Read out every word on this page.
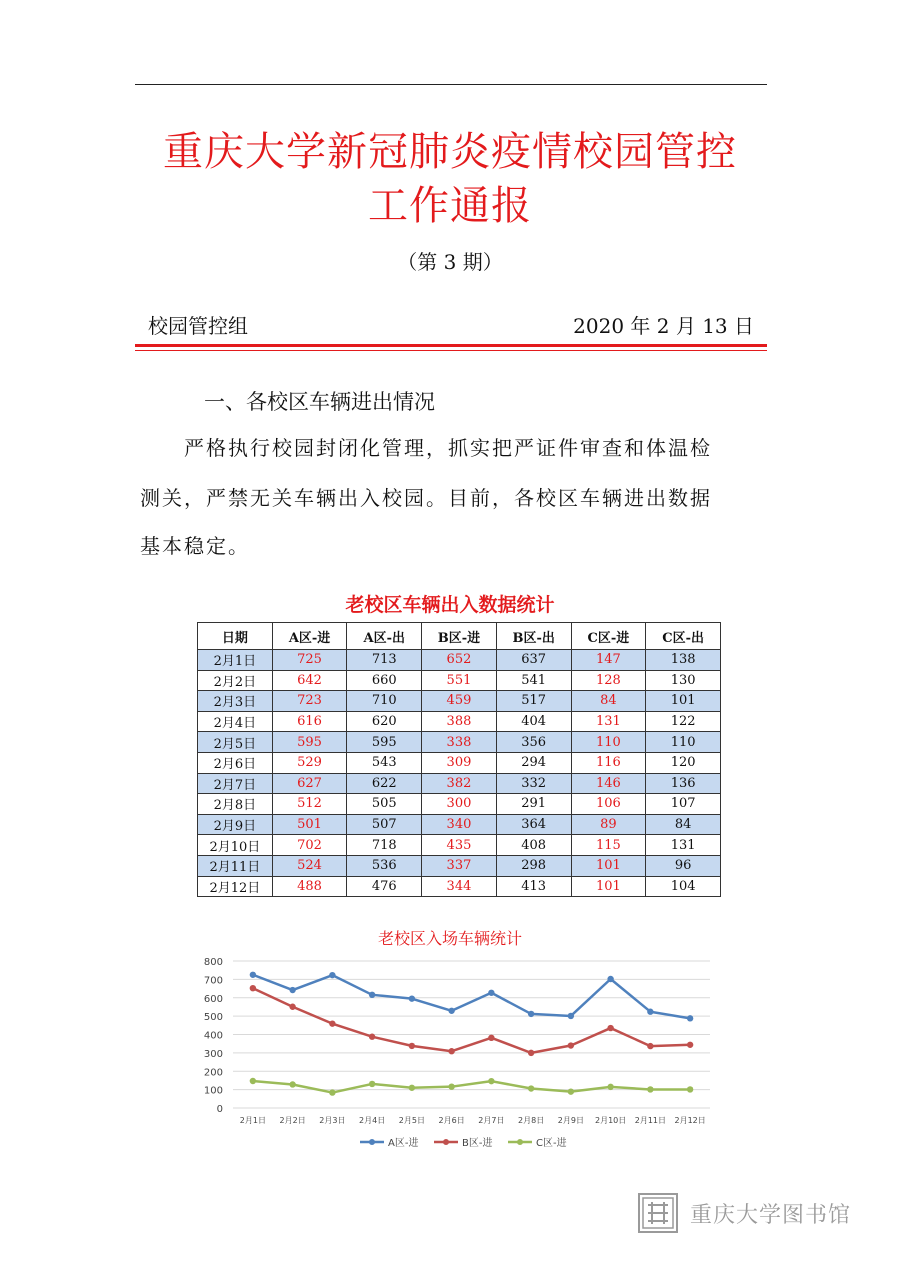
重庆大学新冠肺炎疫情校园管控
工作通报
（第 3 期）
校园管控组	2020 年 2 月 13 日
一、各校区车辆进出情况
严格执行校园封闭化管理，抓实把严证件审查和体温检
测关，严禁无关车辆出入校园。目前，各校区车辆进出数据
基本稳定。
老校区车辆出入数据统计
日期	A区-进	A区-出	B区-进	B区-出	C区-进	C区-出
2月1日	725	713	652	637	147	138
2月2日	642	660	551	541	128	130
2月3日	723	710	459	517	84	101
2月4日	616	620	388	404	131	122
2月5日	595	595	338	356	110	110
2月6日	529	543	309	294	116	120
2月7日	627	622	382	332	146	136
2月8日	512	505	300	291	106	107
2月9日	501	507	340	364	89	84
2月10日	702	718	435	408	115	131
2月11日	524	536	337	298	101	96
2月12日	488	476	344	413	101	104
老校区入场车辆统计
0
100
200
300
400
500
600
700
800
2月1日 2月2日 2月3日 2月4日 2月5日 2月6日 2月7日 2月8日 2月9日 2月10日 2月11日 2月12日
A区-进	B区-进	C区-进
重庆大学图书馆
